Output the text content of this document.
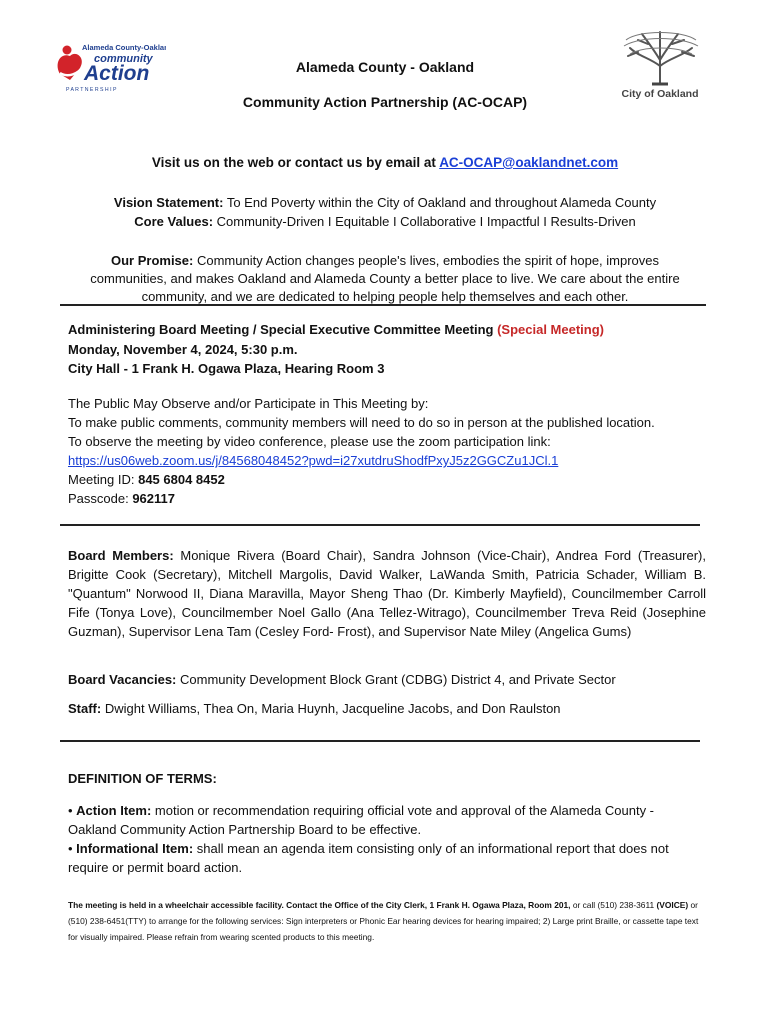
Alameda County-Oakland
community
Action
P A R T N E R S H I P	City of Oakland
Alameda County - Oakland
Community Action Partnership (AC-OCAP)
Visit us on the web or contact us by email at AC-OCAP@oaklandnet.com
Vision Statement: To End Poverty within the City of Oakland and throughout Alameda County
Core Values: Community-Driven I Equitable I Collaborative I Impactful I Results-Driven
Our Promise: Community Action changes people's lives, embodies the spirit of hope, improves
communities, and makes Oakland and Alameda County a better place to live. We care about the entire
community, and we are dedicated to helping people help themselves and each other.
Administering Board Meeting / Special Executive Committee Meeting (Special Meeting)
Monday, November 4, 2024, 5:30 p.m.
City Hall - 1 Frank H. Ogawa Plaza, Hearing Room 3
The Public May Observe and/or Participate in This Meeting by:
To make public comments, community members will need to do so in person at the published location.
To observe the meeting by video conference, please use the zoom participation link:
https://us06web.zoom.us/j/84568048452?pwd=i27xutdruShodfPxyJ5z2GGCZu1JCl.1
Meeting ID: 845 6804 8452
Passcode: 962117
Board Members: Monique Rivera (Board Chair), Sandra Johnson (Vice-Chair), Andrea Ford (Treasurer), Brigitte Cook (Secretary), Mitchell Margolis, David Walker, LaWanda Smith, Patricia Schader, William B. "Quantum" Norwood II, Diana Maravilla, Mayor Sheng Thao (Dr. Kimberly Mayfield), Councilmember Carroll Fife (Tonya Love), Councilmember Noel Gallo (Ana Tellez-Witrago), Councilmember Treva Reid (Josephine Guzman), Supervisor Lena Tam (Cesley Ford- Frost), and Supervisor Nate Miley (Angelica Gums)
Board Vacancies: Community Development Block Grant (CDBG) District 4, and Private Sector
Staff: Dwight Williams, Thea On, Maria Huynh, Jacqueline Jacobs, and Don Raulston
DEFINITION OF TERMS:
• Action Item: motion or recommendation requiring official vote and approval of the Alameda County - Oakland Community Action Partnership Board to be effective.
• Informational Item: shall mean an agenda item consisting only of an informational report that does not require or permit board action.
The meeting is held in a wheelchair accessible facility. Contact the Office of the City Clerk, 1 Frank H. Ogawa Plaza, Room 201, or call (510) 238-3611 (VOICE) or (510) 238-6451(TTY) to arrange for the following services: Sign interpreters or Phonic Ear hearing devices for hearing impaired; 2) Large print Braille, or cassette tape text for visually impaired. Please refrain from wearing scented products to this meeting.
